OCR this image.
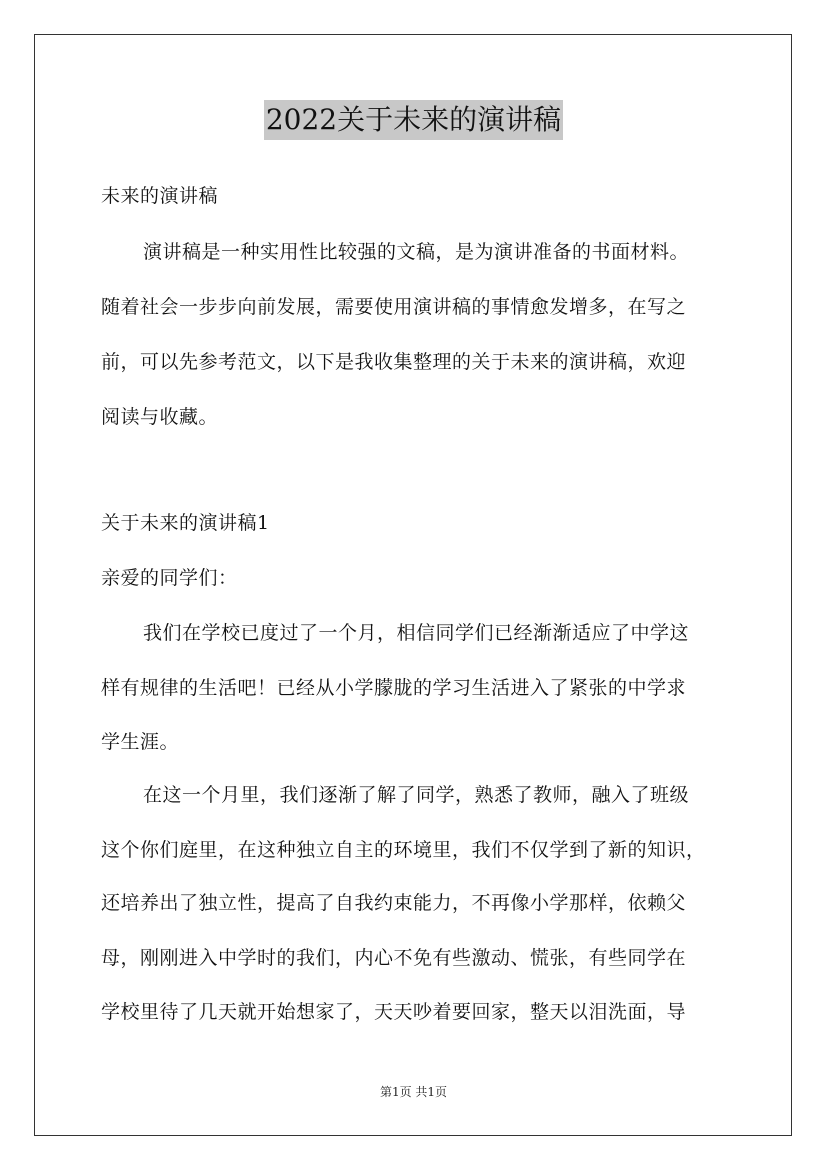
2022关于未来的演讲稿
未来的演讲稿
演讲稿是一种实用性比较强的文稿，是为演讲准备的书面材料。
随着社会一步步向前发展，需要使用演讲稿的事情愈发增多，在写之
前，可以先参考范文，以下是我收集整理的关于未来的演讲稿，欢迎
阅读与收藏。
关于未来的演讲稿1
亲爱的同学们：
我们在学校已度过了一个月，相信同学们已经渐渐适应了中学这
样有规律的生活吧！已经从小学朦胧的学习生活进入了紧张的中学求
学生涯。
在这一个月里，我们逐渐了解了同学，熟悉了教师，融入了班级
这个你们庭里，在这种独立自主的环境里，我们不仅学到了新的知识，
还培养出了独立性，提高了自我约束能力，不再像小学那样，依赖父
母，刚刚进入中学时的我们，内心不免有些激动、慌张，有些同学在
学校里待了几天就开始想家了，天天吵着要回家，整天以泪洗面，导
第1页 共1页
